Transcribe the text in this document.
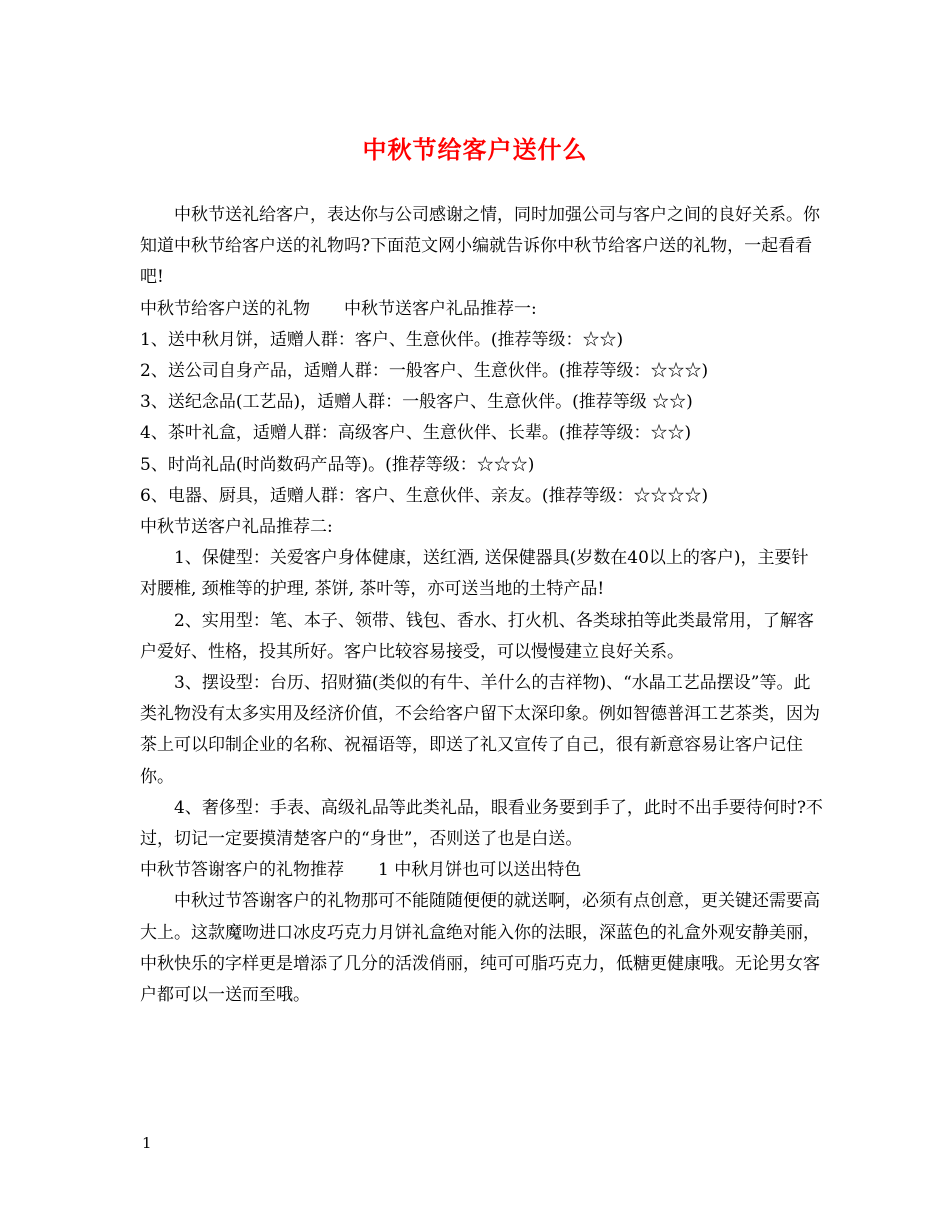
中秋节给客户送什么

中秋节送礼给客户，表达你与公司感谢之情，同时加强公司与客户之间的良好关系。你知道中秋节给客户送的礼物吗?下面范文网小编就告诉你中秋节给客户送的礼物，一起看看吧!

中秋节给客户送的礼物　　中秋节送客户礼品推荐一:

1、送中秋月饼，适赠人群：客户、生意伙伴。(推荐等级：☆☆)

2、送公司自身产品，适赠人群：一般客户、生意伙伴。(推荐等级：☆☆☆)

3、送纪念品(工艺品)，适赠人群：一般客户、生意伙伴。(推荐等级 ☆☆)

4、茶叶礼盒，适赠人群：高级客户、生意伙伴、长辈。(推荐等级：☆☆)

5、时尚礼品(时尚数码产品等)。(推荐等级：☆☆☆)

6、电器、厨具，适赠人群：客户、生意伙伴、亲友。(推荐等级：☆☆☆☆)

中秋节送客户礼品推荐二:

1、保健型：关爱客户身体健康，送红酒, 送保健器具(岁数在40以上的客户)，主要针对腰椎, 颈椎等的护理, 茶饼, 茶叶等，亦可送当地的土特产品!

2、实用型：笔、本子、领带、钱包、香水、打火机、各类球拍等此类最常用，了解客户爱好、性格，投其所好。客户比较容易接受，可以慢慢建立良好关系。

3、摆设型：台历、招财猫(类似的有牛、羊什么的吉祥物)、“水晶工艺品摆设”等。此类礼物没有太多实用及经济价值，不会给客户留下太深印象。例如智德普洱工艺茶类，因为茶上可以印制企业的名称、祝福语等，即送了礼又宣传了自己，很有新意容易让客户记住你。

4、奢侈型：手表、高级礼品等此类礼品，眼看业务要到手了，此时不出手要待何时?不过，切记一定要摸清楚客户的“身世”，否则送了也是白送。

中秋节答谢客户的礼物推荐　　1 中秋月饼也可以送出特色

中秋过节答谢客户的礼物那可不能随随便便的就送啊，必须有点创意，更关键还需要高大上。这款魔吻进口冰皮巧克力月饼礼盒绝对能入你的法眼，深蓝色的礼盒外观安静美丽，中秋快乐的字样更是增添了几分的活泼俏丽，纯可可脂巧克力，低糖更健康哦。无论男女客户都可以一送而至哦。

1
